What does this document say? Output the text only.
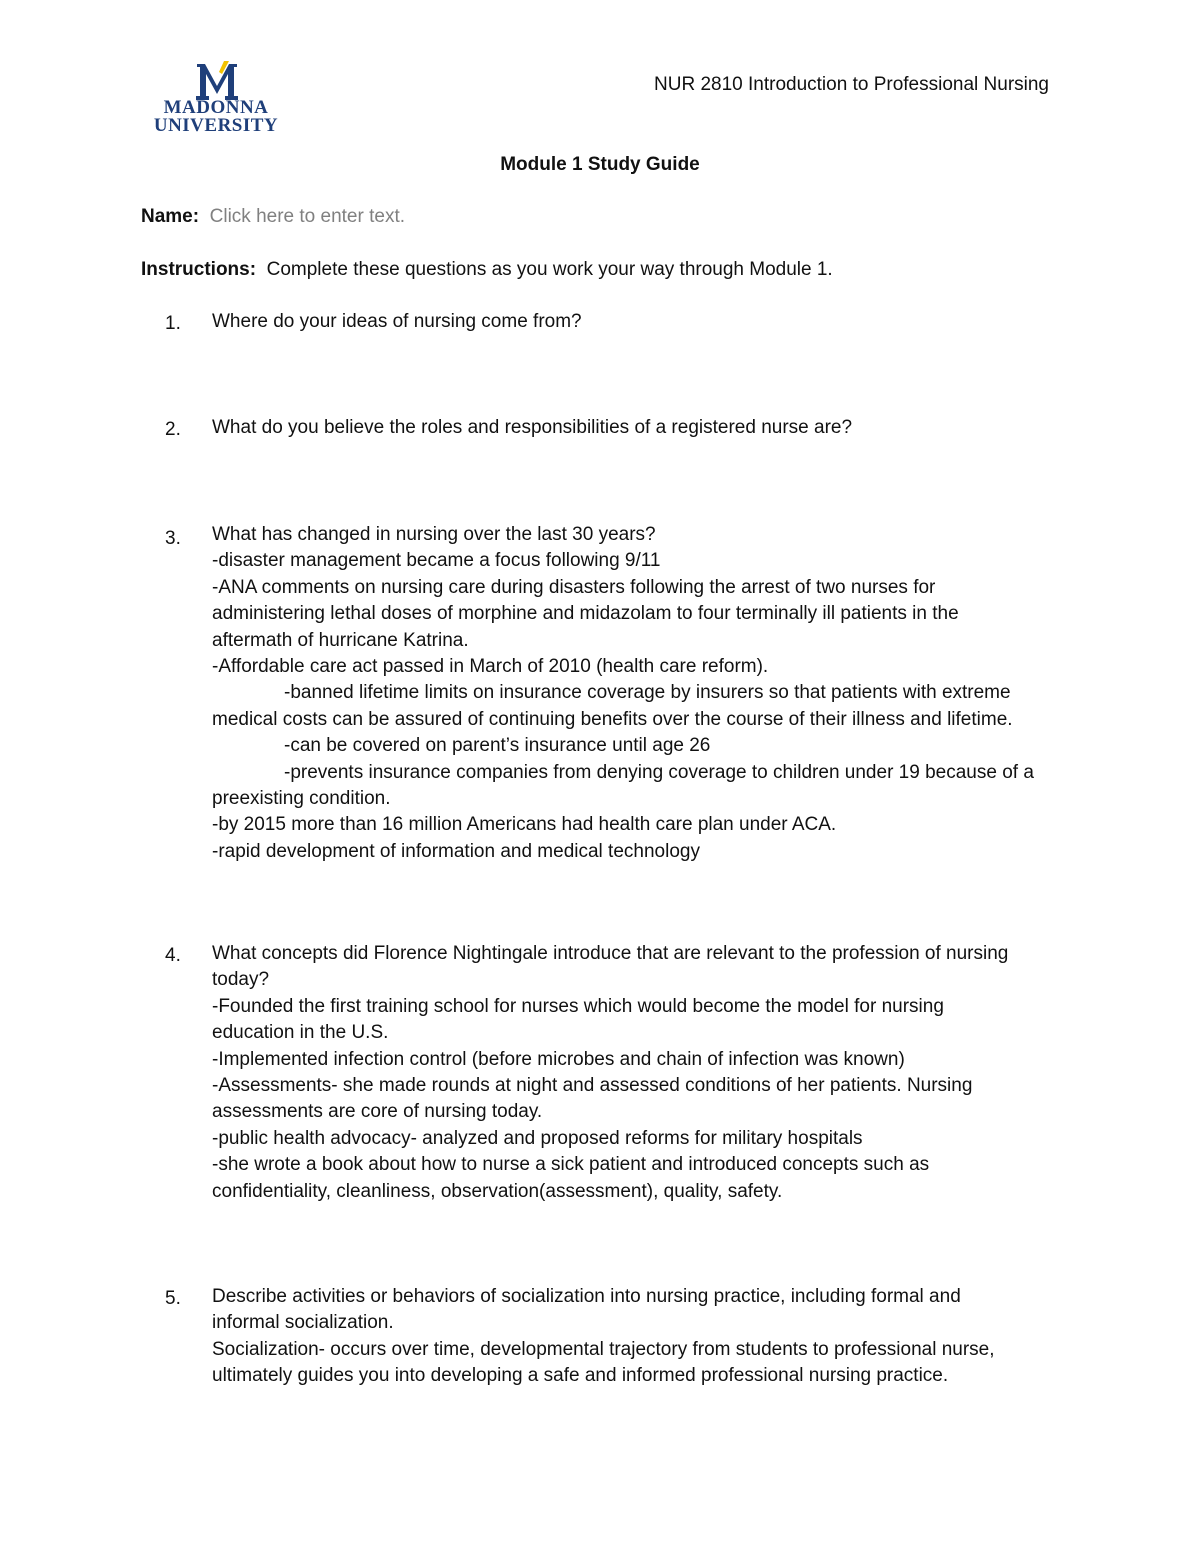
MADONNA
UNIVERSITY
NUR 2810 Introduction to Professional Nursing
Module 1 Study Guide
Name: Click here to enter text.
Instructions: Complete these questions as you work your way through Module 1.
1. Where do your ideas of nursing come from?
2. What do you believe the roles and responsibilities of a registered nurse are?
3. What has changed in nursing over the last 30 years?
-disaster management became a focus following 9/11
-ANA comments on nursing care during disasters following the arrest of two nurses for
administering lethal doses of morphine and midazolam to four terminally ill patients in the
aftermath of hurricane Katrina.
-Affordable care act passed in March of 2010 (health care reform).
-banned lifetime limits on insurance coverage by insurers so that patients with extreme
medical costs can be assured of continuing benefits over the course of their illness and lifetime.
-can be covered on parent’s insurance until age 26
-prevents insurance companies from denying coverage to children under 19 because of a
preexisting condition.
-by 2015 more than 16 million Americans had health care plan under ACA.
-rapid development of information and medical technology
4. What concepts did Florence Nightingale introduce that are relevant to the profession of nursing
today?
-Founded the first training school for nurses which would become the model for nursing
education in the U.S.
-Implemented infection control (before microbes and chain of infection was known)
-Assessments- she made rounds at night and assessed conditions of her patients. Nursing
assessments are core of nursing today.
-public health advocacy- analyzed and proposed reforms for military hospitals
-she wrote a book about how to nurse a sick patient and introduced concepts such as
confidentiality, cleanliness, observation(assessment), quality, safety.
5. Describe activities or behaviors of socialization into nursing practice, including formal and
informal socialization.
Socialization- occurs over time, developmental trajectory from students to professional nurse,
ultimately guides you into developing a safe and informed professional nursing practice.
